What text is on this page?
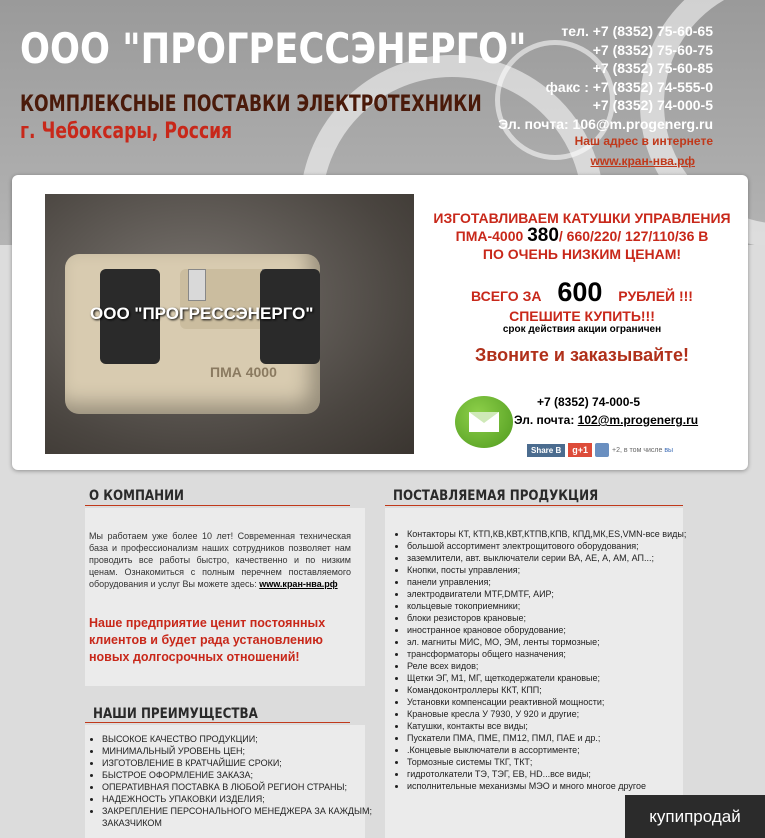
ООО "ПРОГРЕССЭНЕРГО"
КОМПЛЕКСНЫЕ ПОСТАВКИ ЭЛЕКТРОТЕХНИКИ
г. Чебоксары, Россия
тел. +7 (8352) 75-60-65
+7 (8352) 75-60-75
+7 (8352) 75-60-85
факс : +7 (8352) 74-555-0
+7 (8352) 74-000-5
Эл. почта: 106@m.progenerg.ru
Наш адрес в интернете
www.кран-нва.рф
ООО "ПРОГРЕССЭНЕРГО"
ПМА 4000
ИЗГОТАВЛИВАЕМ КАТУШКИ УПРАВЛЕНИЯ
ПМА-4000 380/ 660/220/ 127/110/36 В
ПО ОЧЕНЬ НИЗКИМ ЦЕНАМ!
ВСЕГО ЗА 600 РУБЛЕЙ !!!
СПЕШИТЕ КУПИТЬ!!!
срок действия акции ограничен
Звоните и заказывайте!
+7 (8352) 74-000-5
Эл. почта: 102@m.progenerg.ru
Share В	g+1	+2, в том числе вы
О КОМПАНИИ
Мы работаем уже более 10 лет! Современная техническая база и профессионализм наших сотрудников позволяет нам проводить все работы быстро, качественно и по низким ценам. Ознакомиться с полным перечнем поставляемого оборудования и услуг Вы можете здесь: www.кран-нва.рф
Наше предприятие ценит постоянных клиентов и будет рада установлению новых долгосрочных отношений!
НАШИ ПРЕИМУЩЕСТВА
• ВЫСОКОЕ КАЧЕСТВО ПРОДУКЦИИ;
• МИНИМАЛЬНЫЙ УРОВЕНЬ ЦЕН;
• ИЗГОТОВЛЕНИЕ В КРАТЧАЙШИЕ СРОКИ;
• БЫСТРОЕ ОФОРМЛЕНИЕ ЗАКАЗА;
• ОПЕРАТИВНАЯ ПОСТАВКА В ЛЮБОЙ РЕГИОН СТРАНЫ;
• НАДЕЖНОСТЬ УПАКОВКИ ИЗДЕЛИЯ;
• ЗАКРЕПЛЕНИЕ ПЕРСОНАЛЬНОГО МЕНЕДЖЕРА ЗА КАЖДЫМ; ЗАКАЗЧИКОМ
ПОСТАВЛЯЕМАЯ ПРОДУКЦИЯ
• Контакторы КТ, КТП,КВ,КВТ,КТПВ,КПВ, КПД,МК,ES,VMN-все виды;
• большой ассортимент электрощитового оборудования;
• заземлители, авт. выключатели серии ВА, АЕ, А, АМ, АП...;
• Кнопки, посты управления;
• панели управления;
• электродвигатели MTF,DMTF, АИР;
• кольцевые токоприемники;
• блоки резисторов крановые;
• иностранное крановое оборудование;
• эл. магниты МИС, МО, ЭМ, ленты тормозные;
• трансформаторы общего назначения;
• Реле всех видов;
• Щетки ЭГ, М1, МГ, щеткодержатели крановые;
• Командоконтроллеры ККТ, КПП;
• Установки компенсации реактивной мощности;
• Крановые кресла У 7930, У 920 и другие;
• Катушки, контакты все виды;
• Пускатели ПМА, ПМЕ, ПМ12, ПМЛ, ПАЕ и др.;
• .Концевые выключатели в ассортименте;
• Тормозные системы ТКГ, ТКТ;
• гидротолкатели ТЭ, ТЭГ, ЕВ, НD...все виды;
• исполнительные механизмы МЭО и много многое другое
купипродай
